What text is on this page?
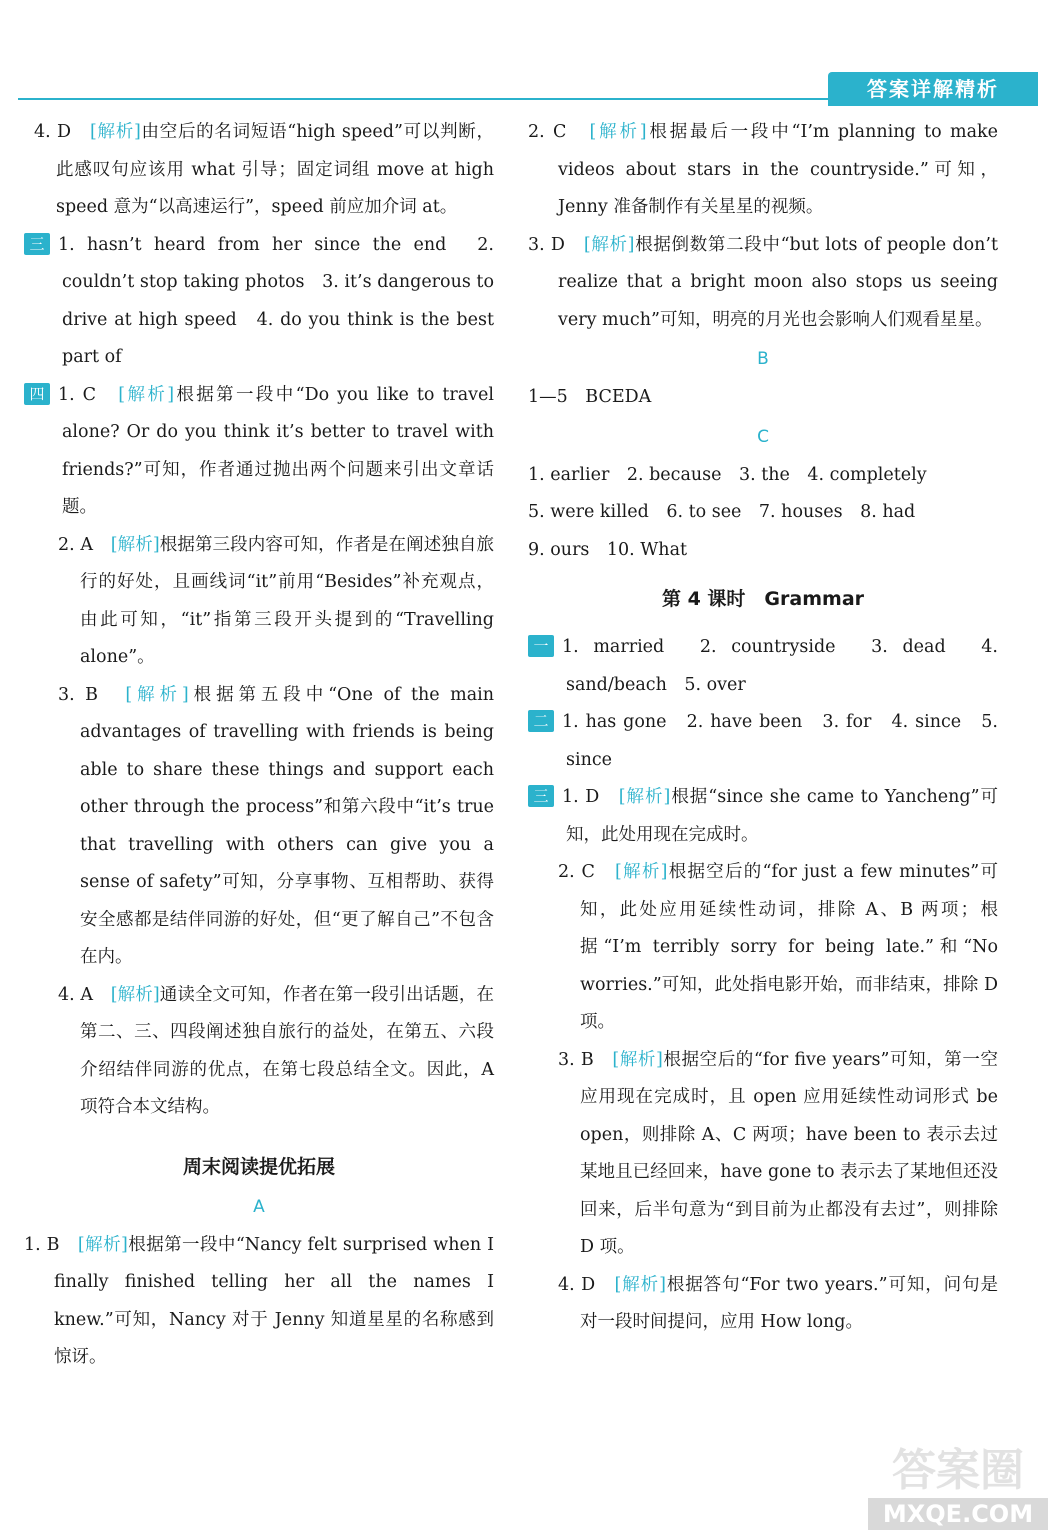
答案详解精析
4. D　[解析]由空后的名词短语“high speed”可以判断，此感叹句应该用 what 引导；固定词组 move at high speed 意为“以高速运行”，speed 前应加介词 at。
三 1. hasn’t heard from her since the end　2. couldn’t stop taking photos　3. it’s dangerous to drive at high speed　4. do you think is the best part of
四 1. C　[解析]根据第一段中“Do you like to travel alone? Or do you think it’s better to travel with friends?”可知，作者通过抛出两个问题来引出文章话题。
2. A　[解析]根据第三段内容可知，作者是在阐述独自旅行的好处，且画线词“it”前用“Besides”补充观点，由此可知，“it”指第三段开头提到的“Travelling alone”。
3. B　[解析]根据第五段中“One of the main advantages of travelling with friends is being able to share these things and support each other through the process”和第六段中“it’s true that travelling with others can give you a sense of safety”可知，分享事物、互相帮助、获得安全感都是结伴同游的好处，但“更了解自己”不包含在内。
4. A　[解析]通读全文可知，作者在第一段引出话题，在第二、三、四段阐述独自旅行的益处，在第五、六段介绍结伴同游的优点，在第七段总结全文。因此，A 项符合本文结构。
周末阅读提优拓展
A
1. B　[解析]根据第一段中“Nancy felt surprised when I finally finished telling her all the names I knew.”可知，Nancy 对于 Jenny 知道星星的名称感到惊讶。
2. C　[解析]根据最后一段中“I’m planning to make videos about stars in the countryside.”可知，Jenny 准备制作有关星星的视频。
3. D　[解析]根据倒数第二段中“but lots of people don’t realize that a bright moon also stops us seeing very much”可知，明亮的月光也会影响人们观看星星。
B
1—5　BCEDA
C
1. earlier　2. because　3. the　4. completely
5. were killed　6. to see　7. houses　8. had
9. ours　10. What
第 4 课时　Grammar
一 1. married　2. countryside　3. dead　4. sand/beach　5. over
二 1. has gone　2. have been　3. for　4. since　5. since
三 1. D　[解析]根据“since she came to Yancheng”可知，此处用现在完成时。
2. C　[解析]根据空后的“for just a few minutes”可知，此处应用延续性动词，排除 A、B 两项；根据“I’m terribly sorry for being late.”和“No worries.”可知，此处指电影开始，而非结束，排除 D 项。
3. B　[解析]根据空后的“for five years”可知，第一空应用现在完成时，且 open 应用延续性动词形式 be open，则排除 A、C 两项；have been to 表示去过某地且已经回来，have gone to 表示去了某地但还没回来，后半句意为“到目前为止都没有去过”，则排除 D 项。
4. D　[解析]根据答句“For two years.”可知，问句是对一段时间提问，应用 How long。
答案圈
MXQE.COM
